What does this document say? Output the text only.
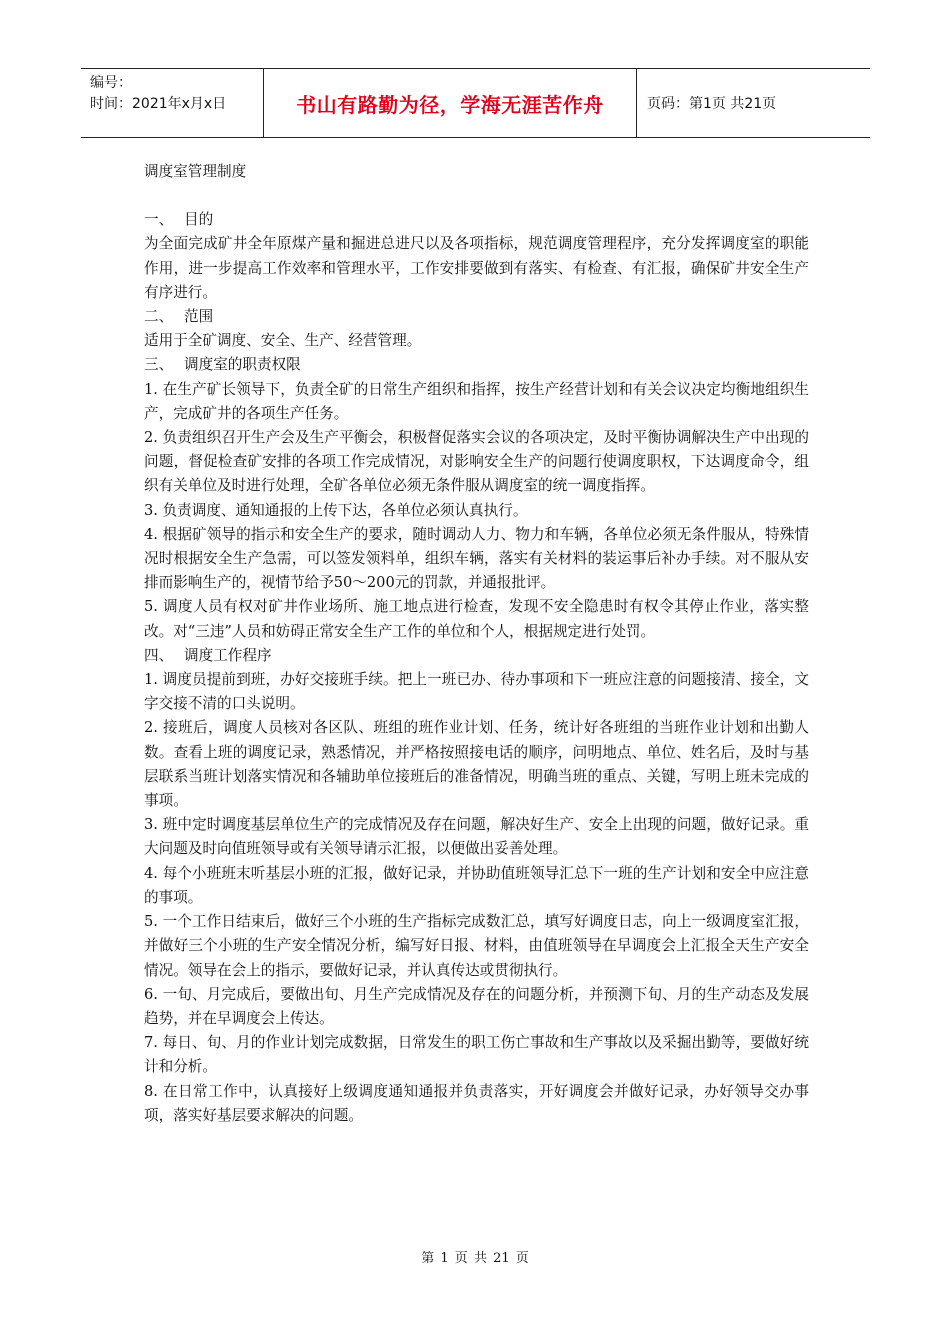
编号：
时间：2021年x月x日	书山有路勤为径，学海无涯苦作舟	页码：第1页 共21页

调度室管理制度

一、 目的

为全面完成矿井全年原煤产量和掘进总进尺以及各项指标，规范调度管理程序，充分发挥调度室的职能作用，进一步提高工作效率和管理水平，工作安排要做到有落实、有检查、有汇报，确保矿井安全生产有序进行。

二、 范围

适用于全矿调度、安全、生产、经营管理。

三、 调度室的职责权限

1. 在生产矿长领导下，负责全矿的日常生产组织和指挥，按生产经营计划和有关会议决定均衡地组织生产，完成矿井的各项生产任务。

2. 负责组织召开生产会及生产平衡会，积极督促落实会议的各项决定，及时平衡协调解决生产中出现的问题，督促检查矿安排的各项工作完成情况，对影响安全生产的问题行使调度职权，下达调度命令，组织有关单位及时进行处理，全矿各单位必须无条件服从调度室的统一调度指挥。

3. 负责调度、通知通报的上传下达，各单位必须认真执行。

4. 根据矿领导的指示和安全生产的要求，随时调动人力、物力和车辆，各单位必须无条件服从，特殊情况时根据安全生产急需，可以签发领料单，组织车辆，落实有关材料的装运事后补办手续。对不服从安排而影响生产的，视情节给予50～200元的罚款，并通报批评。

5. 调度人员有权对矿井作业场所、施工地点进行检查，发现不安全隐患时有权令其停止作业，落实整改。对“三违”人员和妨碍正常安全生产工作的单位和个人，根据规定进行处罚。

四、 调度工作程序

1. 调度员提前到班，办好交接班手续。把上一班已办、待办事项和下一班应注意的问题接清、接全，文字交接不清的口头说明。

2. 接班后，调度人员核对各区队、班组的班作业计划、任务，统计好各班组的当班作业计划和出勤人数。查看上班的调度记录，熟悉情况，并严格按照接电话的顺序，问明地点、单位、姓名后，及时与基层联系当班计划落实情况和各辅助单位接班后的准备情况，明确当班的重点、关键，写明上班未完成的事项。

3. 班中定时调度基层单位生产的完成情况及存在问题，解决好生产、安全上出现的问题，做好记录。重大问题及时向值班领导或有关领导请示汇报，以便做出妥善处理。

4. 每个小班班末听基层小班的汇报，做好记录，并协助值班领导汇总下一班的生产计划和安全中应注意的事项。

5. 一个工作日结束后，做好三个小班的生产指标完成数汇总，填写好调度日志，向上一级调度室汇报，并做好三个小班的生产安全情况分析，编写好日报、材料，由值班领导在早调度会上汇报全天生产安全情况。领导在会上的指示，要做好记录，并认真传达或贯彻执行。

6. 一旬、月完成后，要做出旬、月生产完成情况及存在的问题分析，并预测下旬、月的生产动态及发展趋势，并在早调度会上传达。

7. 每日、旬、月的作业计划完成数据，日常发生的职工伤亡事故和生产事故以及采掘出勤等，要做好统计和分析。

8. 在日常工作中，认真接好上级调度通知通报并负责落实，开好调度会并做好记录，办好领导交办事项，落实好基层要求解决的问题。

第 1 页 共 21 页
